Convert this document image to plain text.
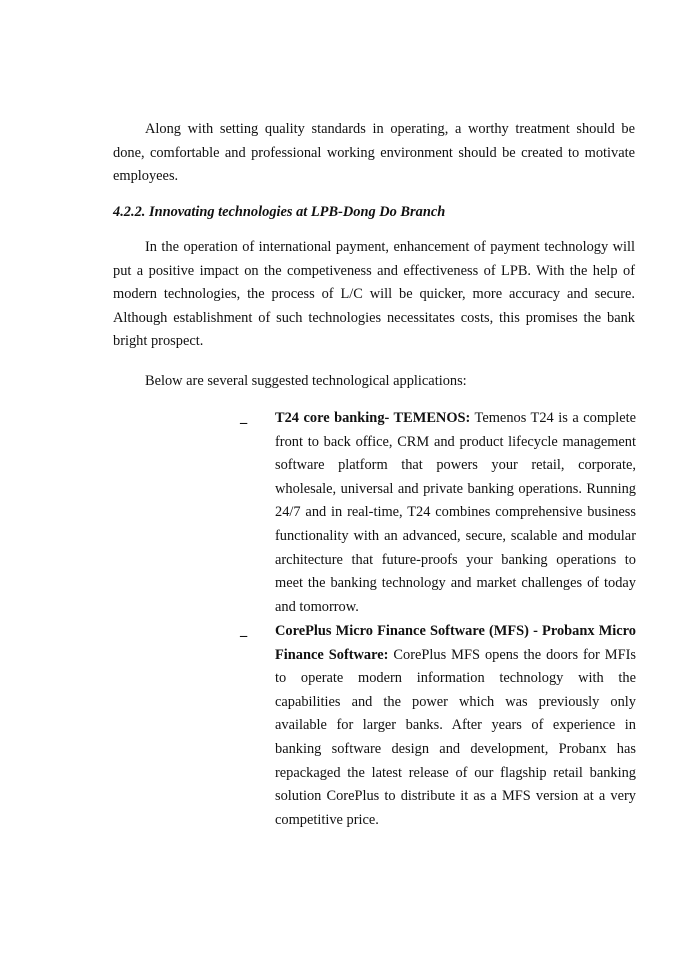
Along with setting quality standards in operating, a worthy treatment should be done, comfortable and professional working environment should be created to motivate employees.

4.2.2. Innovating technologies at LPB-Dong Do Branch

In the operation of international payment, enhancement of payment technology will put a positive impact on the competiveness and effectiveness of LPB. With the help of modern technologies, the process of L/C will be quicker, more accuracy and secure. Although establishment of such technologies necessitates costs, this promises the bank bright prospect.

Below are several suggested technological applications:

_	T24 core banking- TEMENOS: Temenos T24 is a complete front to back office, CRM and product lifecycle management software platform that powers your retail, corporate, wholesale, universal and private banking operations. Running 24/7 and in real-time, T24 combines comprehensive business functionality with an advanced, secure, scalable and modular architecture that future-proofs your banking operations to meet the banking technology and market challenges of today and tomorrow.

_	CorePlus Micro Finance Software (MFS) - Probanx Micro Finance Software: CorePlus MFS opens the doors for MFIs to operate modern information technology with the capabilities and the power which was previously only available for larger banks. After years of experience in banking software design and development, Probanx has repackaged the latest release of our flagship retail banking solution CorePlus to distribute it as a MFS version at a very competitive price.
